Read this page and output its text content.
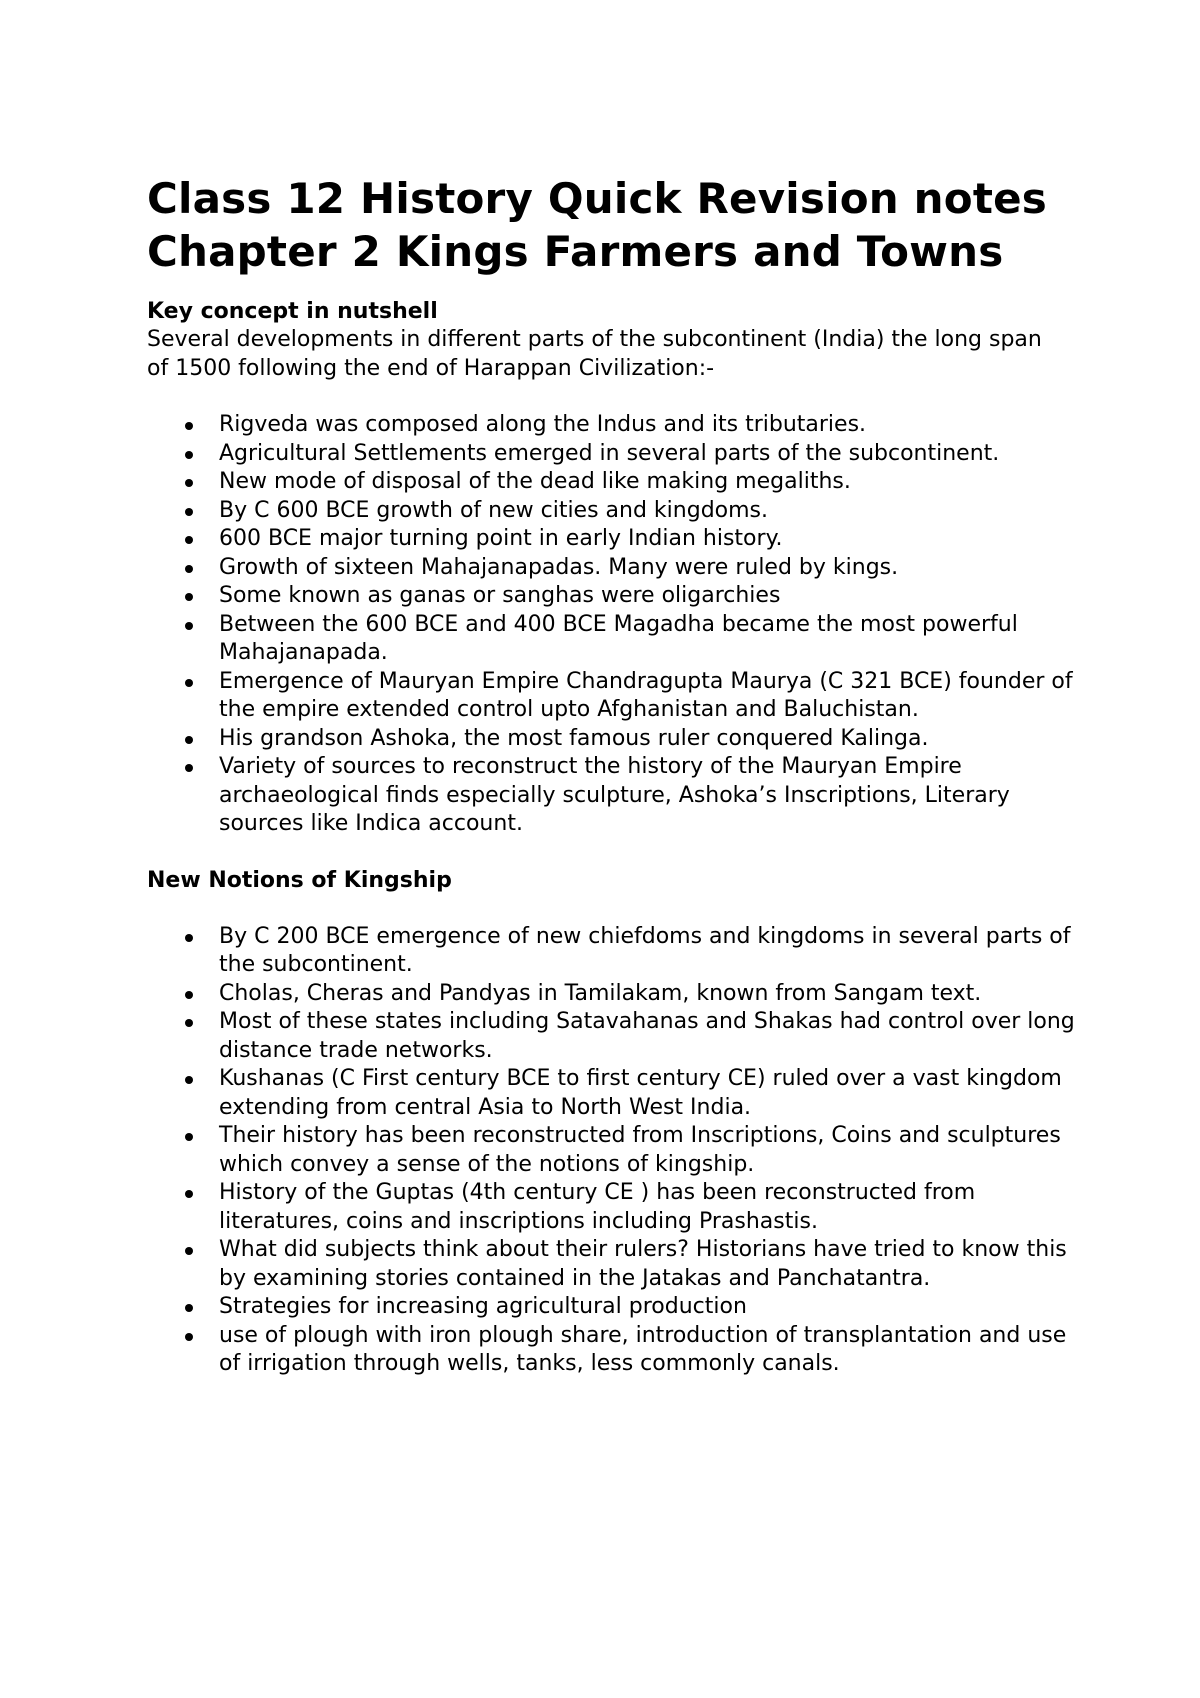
Class 12 History Quick Revision notes Chapter 2 Kings Farmers and Towns

Key concept in nutshell

Several developments in different parts of the subcontinent (India) the long span of 1500 following the end of Harappan Civilization:-

Rigveda was composed along the Indus and its tributaries.
Agricultural Settlements emerged in several parts of the subcontinent.
New mode of disposal of the dead like making megaliths.
By C 600 BCE growth of new cities and kingdoms.
600 BCE major turning point in early Indian history.
Growth of sixteen Mahajanapadas. Many were ruled by kings.
Some known as ganas or sanghas were oligarchies
Between the 600 BCE and 400 BCE Magadha became the most powerful Mahajanapada.
Emergence of Mauryan Empire Chandragupta Maurya (C 321 BCE) founder of the empire extended control upto Afghanistan and Baluchistan.
His grandson Ashoka, the most famous ruler conquered Kalinga.
Variety of sources to reconstruct the history of the Mauryan Empire archaeological finds especially sculpture, Ashoka’s Inscriptions, Literary sources like Indica account.

New Notions of Kingship

By C 200 BCE emergence of new chiefdoms and kingdoms in several parts of the subcontinent.
Cholas, Cheras and Pandyas in Tamilakam, known from Sangam text.
Most of these states including Satavahanas and Shakas had control over long distance trade networks.
Kushanas (C First century BCE to first century CE) ruled over a vast kingdom extending from central Asia to North West India.
Their history has been reconstructed from Inscriptions, Coins and sculptures which convey a sense of the notions of kingship.
History of the Guptas (4th century CE ) has been reconstructed from literatures, coins and inscriptions including Prashastis.
What did subjects think about their rulers? Historians have tried to know this by examining stories contained in the Jatakas and Panchatantra.
Strategies for increasing agricultural production
use of plough with iron plough share, introduction of transplantation and use of irrigation through wells, tanks, less commonly canals.
